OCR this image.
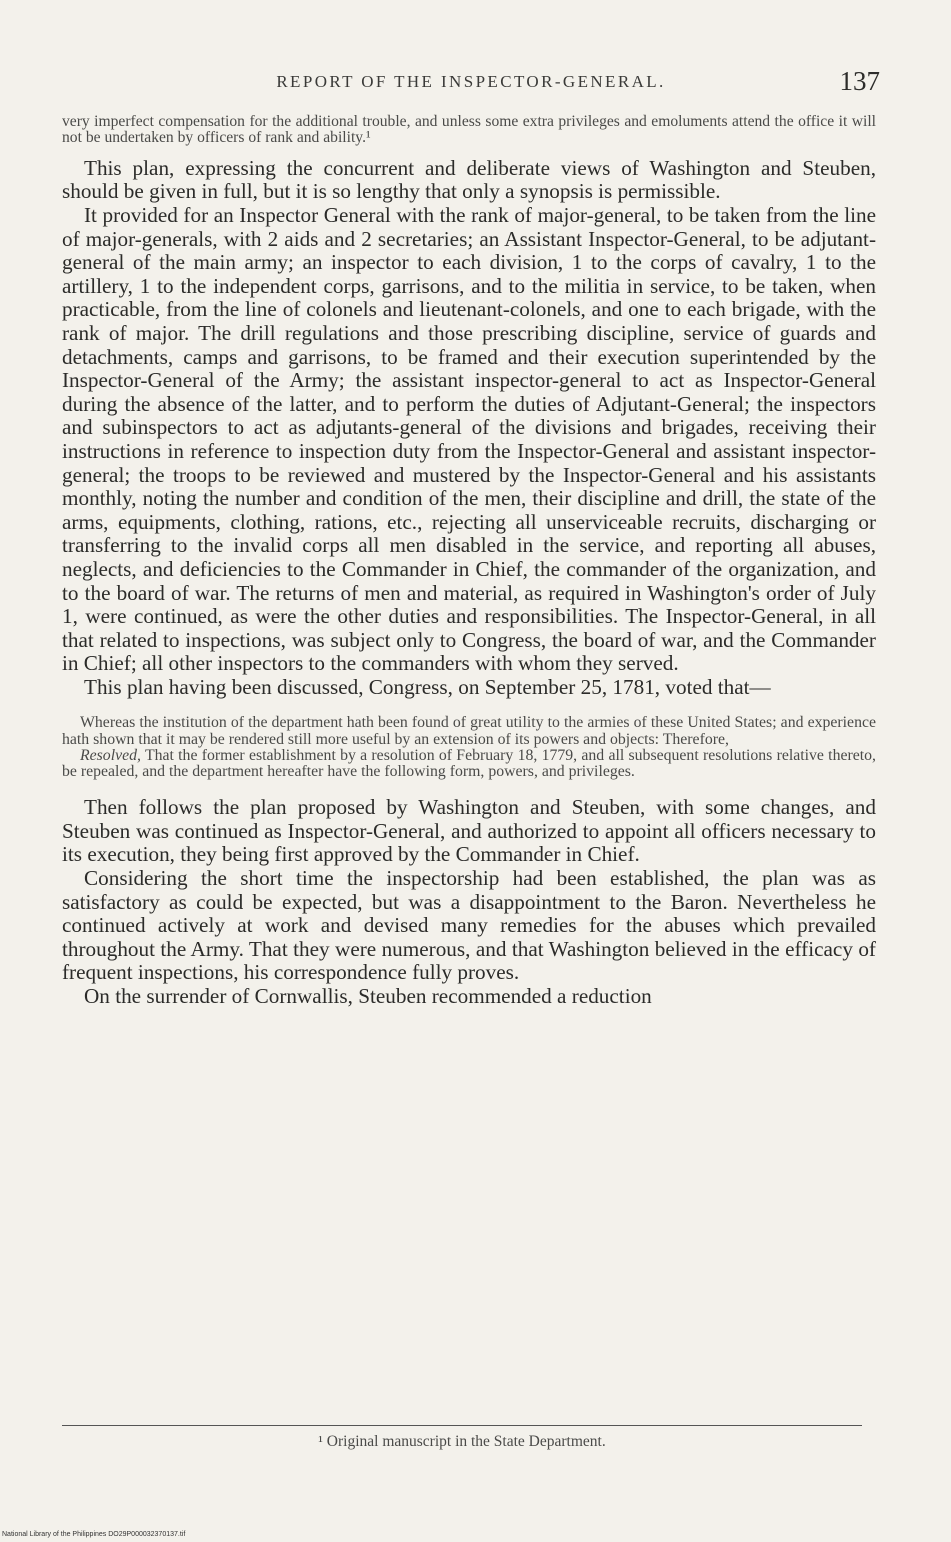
REPORT OF THE INSPECTOR-GENERAL.	137

very imperfect compensation for the additional trouble, and unless some extra privileges and emoluments attend the office it will not be undertaken by officers of rank and ability.¹

This plan, expressing the concurrent and deliberate views of Washington and Steuben, should be given in full, but it is so lengthy that only a synopsis is permissible.

It provided for an Inspector General with the rank of major-general, to be taken from the line of major-generals, with 2 aids and 2 secretaries; an Assistant Inspector-General, to be adjutant-general of the main army; an inspector to each division, 1 to the corps of cavalry, 1 to the artillery, 1 to the independent corps, garrisons, and to the militia in service, to be taken, when practicable, from the line of colonels and lieutenant-colonels, and one to each brigade, with the rank of major. The drill regulations and those prescribing discipline, service of guards and detachments, camps and garrisons, to be framed and their execution superintended by the Inspector-General of the Army; the assistant inspector-general to act as Inspector-General during the absence of the latter, and to perform the duties of Adjutant-General; the inspectors and subinspectors to act as adjutants-general of the divisions and brigades, receiving their instructions in reference to inspection duty from the Inspector-General and assistant inspector-general; the troops to be reviewed and mustered by the Inspector-General and his assistants monthly, noting the number and condition of the men, their discipline and drill, the state of the arms, equipments, clothing, rations, etc., rejecting all unserviceable recruits, discharging or transferring to the invalid corps all men disabled in the service, and reporting all abuses, neglects, and deficiencies to the Commander in Chief, the commander of the organization, and to the board of war. The returns of men and material, as required in Washington's order of July 1, were continued, as were the other duties and responsibilities. The Inspector-General, in all that related to inspections, was subject only to Congress, the board of war, and the Commander in Chief; all other inspectors to the commanders with whom they served.

This plan having been discussed, Congress, on September 25, 1781, voted that—

Whereas the institution of the department hath been found of great utility to the armies of these United States; and experience hath shown that it may be rendered still more useful by an extension of its powers and objects: Therefore,

Resolved, That the former establishment by a resolution of February 18, 1779, and all subsequent resolutions relative thereto, be repealed, and the department hereafter have the following form, powers, and privileges.

Then follows the plan proposed by Washington and Steuben, with some changes, and Steuben was continued as Inspector-General, and authorized to appoint all officers necessary to its execution, they being first approved by the Commander in Chief.

Considering the short time the inspectorship had been established, the plan was as satisfactory as could be expected, but was a disappointment to the Baron. Nevertheless he continued actively at work and devised many remedies for the abuses which prevailed throughout the Army. That they were numerous, and that Washington believed in the efficacy of frequent inspections, his correspondence fully proves.

On the surrender of Cornwallis, Steuben recommended a reduction

¹ Original manuscript in the State Department.
National Library of the Philippines DO29P000032370137.tif
